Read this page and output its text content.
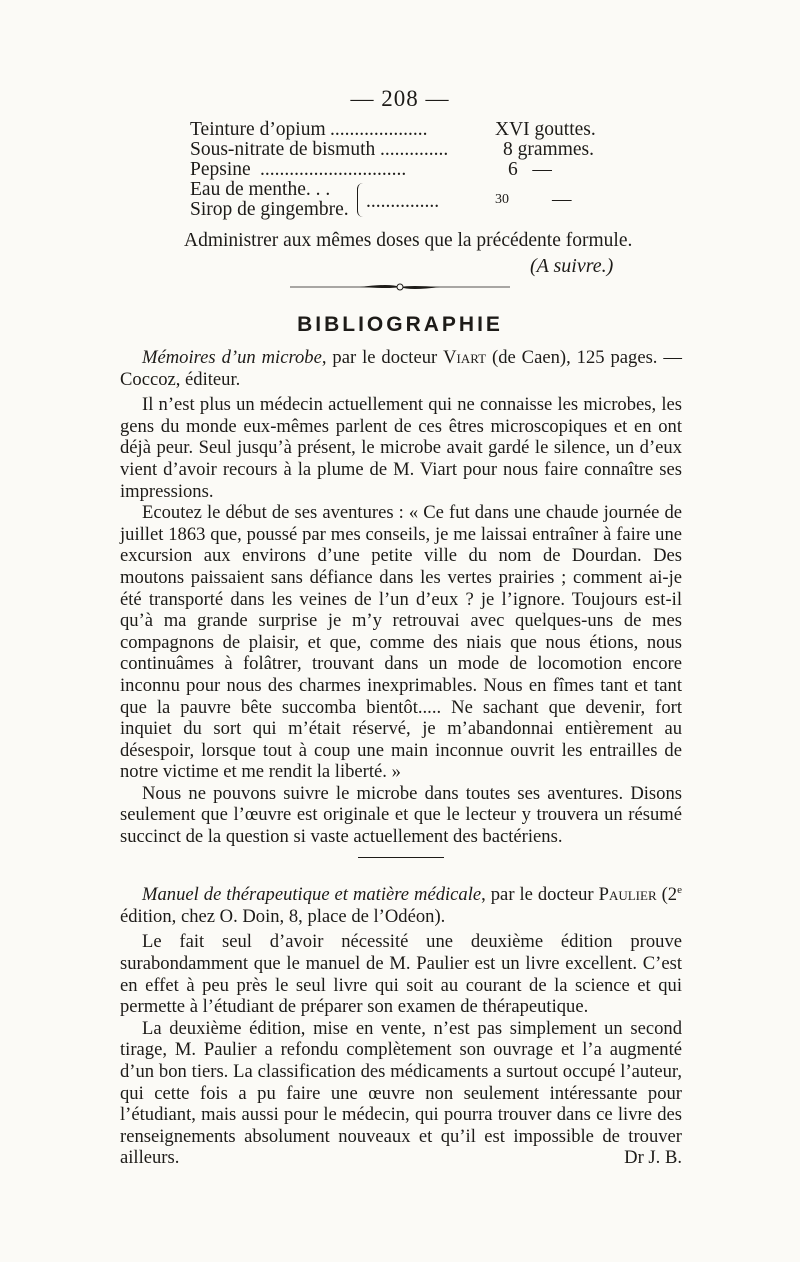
— 208 —
Teinture d’opium ....................	XVI gouttes.
Sous-nitrate de bismuth ..............	8 grammes.
Pepsine ..............................	6   —
Eau de menthe. . .
Sirop de gingembre. ...............	30 —
Administrer aux mêmes doses que la précédente formule.
(A suivre.)
BIBLIOGRAPHIE

Mémoires d’un microbe, par le docteur Viart (de Caen), 125 pages. — Coccoz, éditeur.

Il n’est plus un médecin actuellement qui ne connaisse les microbes, les gens du monde eux-mêmes parlent de ces êtres microscopiques et en ont déjà peur. Seul jusqu’à présent, le microbe avait gardé le silence, un d’eux vient d’avoir recours à la plume de M. Viart pour nous faire connaître ses impressions.

Ecoutez le début de ses aventures : « Ce fut dans une chaude journée de juillet 1863 que, poussé par mes conseils, je me laissai entraîner à faire une excursion aux environs d’une petite ville du nom de Dourdan. Des moutons paissaient sans défiance dans les vertes prairies ; comment ai-je été transporté dans les veines de l’un d’eux ? je l’ignore. Toujours est-il qu’à ma grande surprise je m’y retrouvai avec quelques-uns de mes compagnons de plaisir, et que, comme des niais que nous étions, nous continuâmes à folâtrer, trouvant dans un mode de locomotion encore inconnu pour nous des charmes inexprimables. Nous en fîmes tant et tant que la pauvre bête succomba bientôt..... Ne sachant que devenir, fort inquiet du sort qui m’était réservé, je m’abandonnai entièrement au désespoir, lorsque tout à coup une main inconnue ouvrit les entrailles de notre victime et me rendit la liberté. »

Nous ne pouvons suivre le microbe dans toutes ses aventures. Disons seulement que l’œuvre est originale et que le lecteur y trouvera un résumé succinct de la question si vaste actuellement des bactériens.

Manuel de thérapeutique et matière médicale, par le docteur Paulier (2e édition, chez O. Doin, 8, place de l’Odéon).

Le fait seul d’avoir nécessité une deuxième édition prouve surabondamment que le manuel de M. Paulier est un livre excellent. C’est en effet à peu près le seul livre qui soit au courant de la science et qui permette à l’étudiant de préparer son examen de thérapeutique.

La deuxième édition, mise en vente, n’est pas simplement un second tirage, M. Paulier a refondu complètement son ouvrage et l’a augmenté d’un bon tiers. La classification des médicaments a surtout occupé l’auteur, qui cette fois a pu faire une œuvre non seulement intéressante pour l’étudiant, mais aussi pour le médecin, qui pourra trouver dans ce livre des renseignements absolument nouveaux et qu’il est impossible de trouver ailleurs.	Dr J. B.
